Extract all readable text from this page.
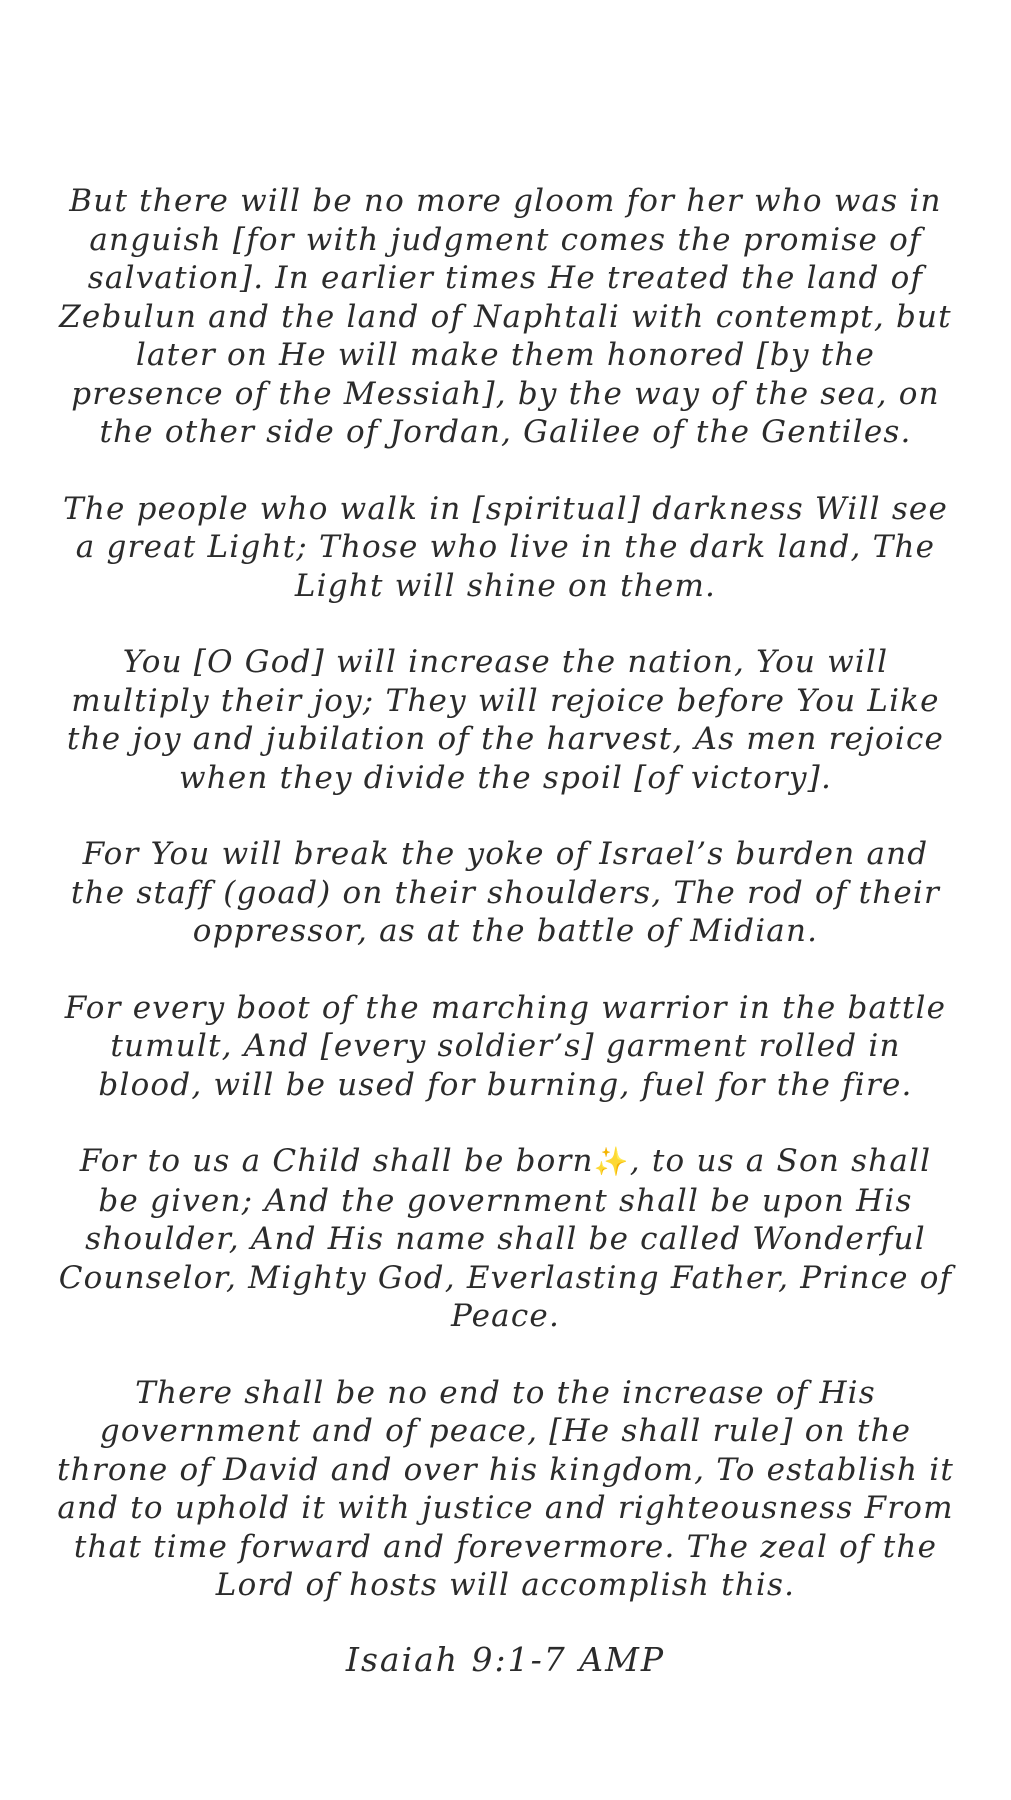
But there will be no more gloom for her who was in anguish [for with judgment comes the promise of salvation]. In earlier times He treated the land of Zebulun and the land of Naphtali with contempt, but later on He will make them honored [by the presence of the Messiah], by the way of the sea, on the other side of Jordan, Galilee of the Gentiles.

The people who walk in [spiritual] darkness Will see a great Light; Those who live in the dark land, The Light will shine on them.

You [O God] will increase the nation, You will multiply their joy; They will rejoice before You Like the joy and jubilation of the harvest, As men rejoice when they divide the spoil [of victory].

For You will break the yoke of Israel’s burden and the staff (goad) on their shoulders, The rod of their oppressor, as at the battle of Midian.

For every boot of the marching warrior in the battle tumult, And [every soldier’s] garment rolled in blood, will be used for burning, fuel for the fire.

For to us a Child shall be born✨, to us a Son shall be given; And the government shall be upon His shoulder, And His name shall be called Wonderful Counselor, Mighty God, Everlasting Father, Prince of Peace.

There shall be no end to the increase of His government and of peace, [He shall rule] on the throne of David and over his kingdom, To establish it and to uphold it with justice and righteousness From that time forward and forevermore. The zeal of the Lord of hosts will accomplish this.

Isaiah 9:1-7 AMP
